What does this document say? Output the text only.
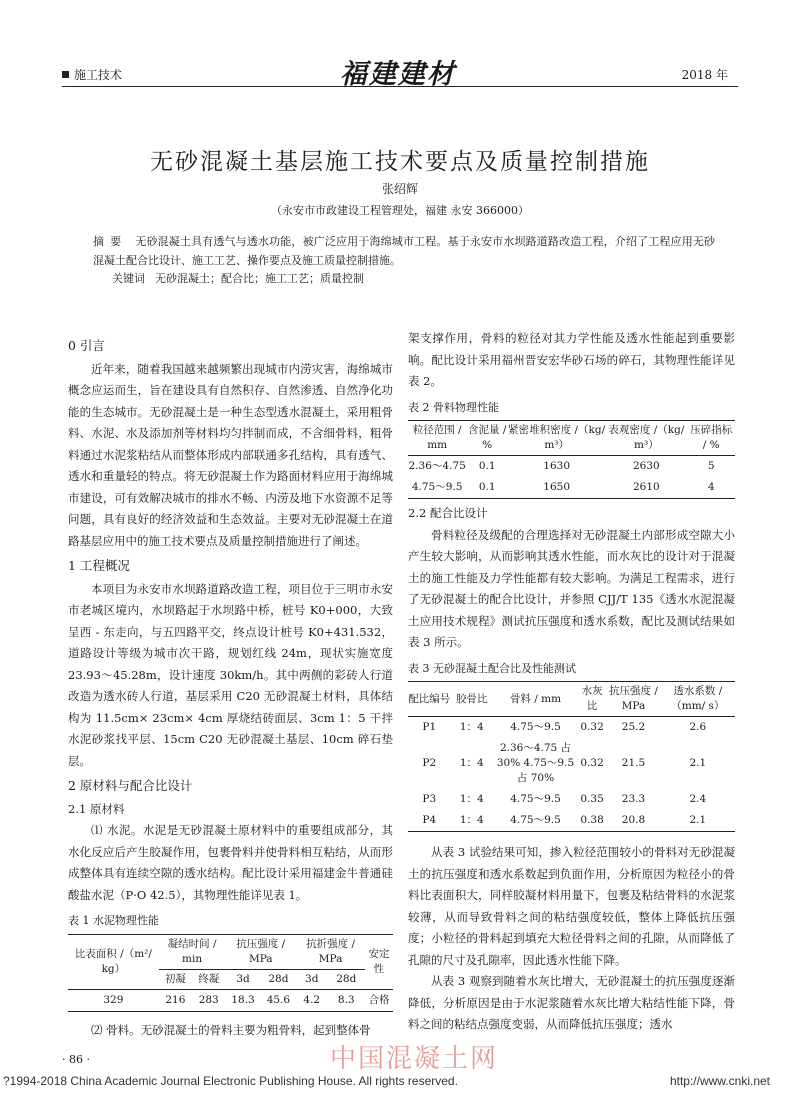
施工技术	福建建材	2018 年
无砂混凝土基层施工技术要点及质量控制措施
张绍辉
（永安市市政建设工程管理处，福建 永安 366000）
摘要 无砂混凝土具有透气与透水功能，被广泛应用于海绵城市工程。基于永安市水坝路道路改造工程，介绍了工程应用无砂混凝土配合比设计、施工工艺、操作要点及施工质量控制措施。
关键词 无砂混凝土；配合比；施工工艺；质量控制

0 引言

近年来，随着我国越来越频繁出现城市内涝灾害，海绵城市概念应运而生，旨在建设具有自然积存、自然渗透、自然净化功能的生态城市。无砂混凝土是一种生态型透水混凝土，采用粗骨料、水泥、水及添加剂等材料均匀拌制而成，不含细骨料，粗骨料通过水泥浆粘结从而整体形成内部联通多孔结构，具有透气、透水和重量轻的特点。将无砂混凝土作为路面材料应用于海绵城市建设，可有效解决城市的排水不畅、内涝及地下水资源不足等问题，具有良好的经济效益和生态效益。主要对无砂混凝土在道路基层应用中的施工技术要点及质量控制措施进行了阐述。

1 工程概况

本项目为永安市水坝路道路改造工程，项目位于三明市永安市老城区境内，水坝路起于水坝路中桥，桩号 K0+000，大致呈西 - 东走向，与五四路平交，终点设计桩号 K0+431.532，道路设计等级为城市次干路，规划红线 24m，现状实施宽度 23.93～45.28m，设计速度 30km/h。其中两侧的彩砖人行道改造为透水砖人行道，基层采用 C20 无砂混凝土材料，具体结构为 11.5cm× 23cm× 4cm 厚烧结砖面层、3cm 1：5 干拌水泥砂浆找平层、15cm C20 无砂混凝土基层、10cm 碎石垫层。

2 原材料与配合比设计

2.1 原材料

⑴ 水泥。水泥是无砂混凝土原材料中的重要组成部分，其水化反应后产生胶凝作用，包裹骨料并使骨料相互粘结，从而形成整体具有连续空隙的透水结构。配比设计采用福建金牛普通硅酸盐水泥（P·O 42.5），其物理性能详见表 1。

表 1 水泥物理性能

比表面积 /（m²/ kg）	凝结时间 / min		抗压强度 / MPa		抗折强度 / MPa		安定性
	初凝	终凝	3d	28d	3d	28d	
329	216	283	18.3	45.6	4.2	8.3	合格

⑵ 骨料。无砂混凝土的骨料主要为粗骨料，起到整体骨

架支撑作用，骨料的粒径对其力学性能及透水性能起到重要影响。配比设计采用福州晋安宏华砂石场的碎石，其物理性能详见表 2。

表 2 骨料物理性能

粒径范围 / mm	含泥量 / %	紧密堆积密度 /（kg/ m³）	表观密度 /（kg/ m³）	压碎指标 / %
2.36～4.75	0.1	1630	2630	5
4.75～9.5	0.1	1650	2610	4

2.2 配合比设计

骨料粒径及级配的合理选择对无砂混凝土内部形成空隙大小产生较大影响，从而影响其透水性能，而水灰比的设计对于混凝土的施工性能及力学性能都有较大影响。为满足工程需求，进行了无砂混凝土的配合比设计，并参照 CJJ/T 135《透水水泥混凝土应用技术规程》测试抗压强度和透水系数，配比及测试结果如表 3 所示。

表 3 无砂混凝土配合比及性能测试

配比编号	胶骨比	骨料 / mm	水灰比	抗压强度 / MPa	透水系数 /（mm/ s）
P1	1：4	4.75～9.5	0.32	25.2	2.6
P2	1：4	2.36～4.75 占 30% 4.75～9.5 占 70%	0.32	21.5	2.1
P3	1：4	4.75～9.5	0.35	23.3	2.4
P4	1：4	4.75～9.5	0.38	20.8	2.1

从表 3 试验结果可知，掺入粒径范围较小的骨料对无砂混凝土的抗压强度和透水系数起到负面作用，分析原因为粒径小的骨料比表面积大，同样胶凝材料用量下，包裹及粘结骨料的水泥浆较薄，从而导致骨料之间的粘结强度较低，整体上降低抗压强度；小粒径的骨料起到填充大粒径骨料之间的孔隙，从而降低了孔隙的尺寸及孔隙率，因此透水性能下降。

从表 3 观察到随着水灰比增大，无砂混凝土的抗压强度逐渐降低，分析原因是由于水泥浆随着水灰比增大粘结性能下降，骨料之间的粘结点强度变弱，从而降低抗压强度；透水

· 86 ·	中国混凝土网
?1994-2018 China Academic Journal Electronic Publishing House. All rights reserved.	http://www.cnki.net
